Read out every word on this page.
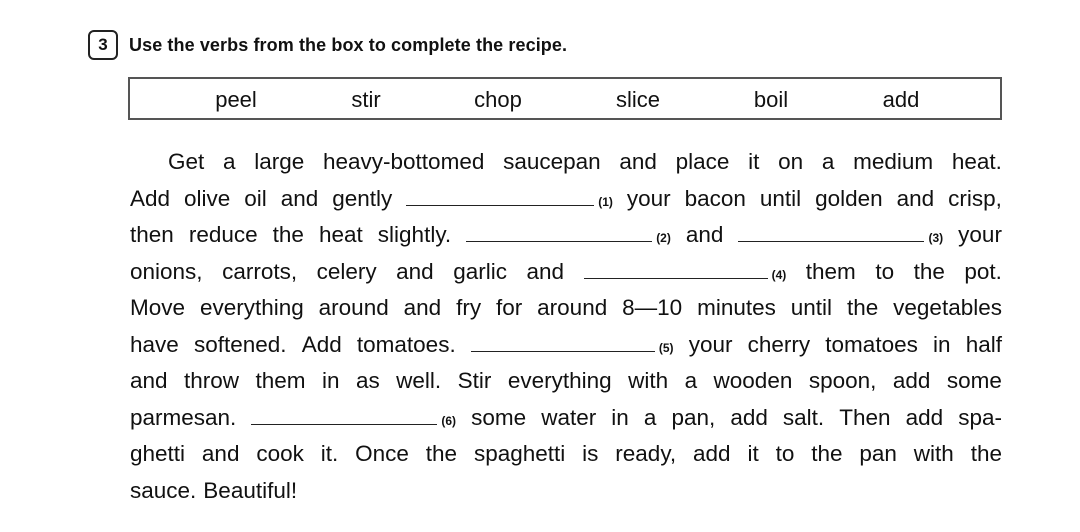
3	Use the verbs from the box to complete the recipe.
peel	stir	chop	slice	boil	add
Get a large heavy-bottomed saucepan and place it on a medium heat.
Add olive oil and gently	(1) your bacon until golden and crisp,
then reduce the heat slightly.	(2) and	(3) your
onions, carrots, celery and garlic and	(4) them to the pot.
Move everything around and fry for around 8—10 minutes until the vegetables
have softened. Add tomatoes.	(5) your cherry tomatoes in half
and throw them in as well. Stir everything with a wooden spoon, add some
parmesan.	(6) some water in a pan, add salt. Then add spa-
ghetti and cook it. Once the spaghetti is ready, add it to the pan with the
sauce. Beautiful!
